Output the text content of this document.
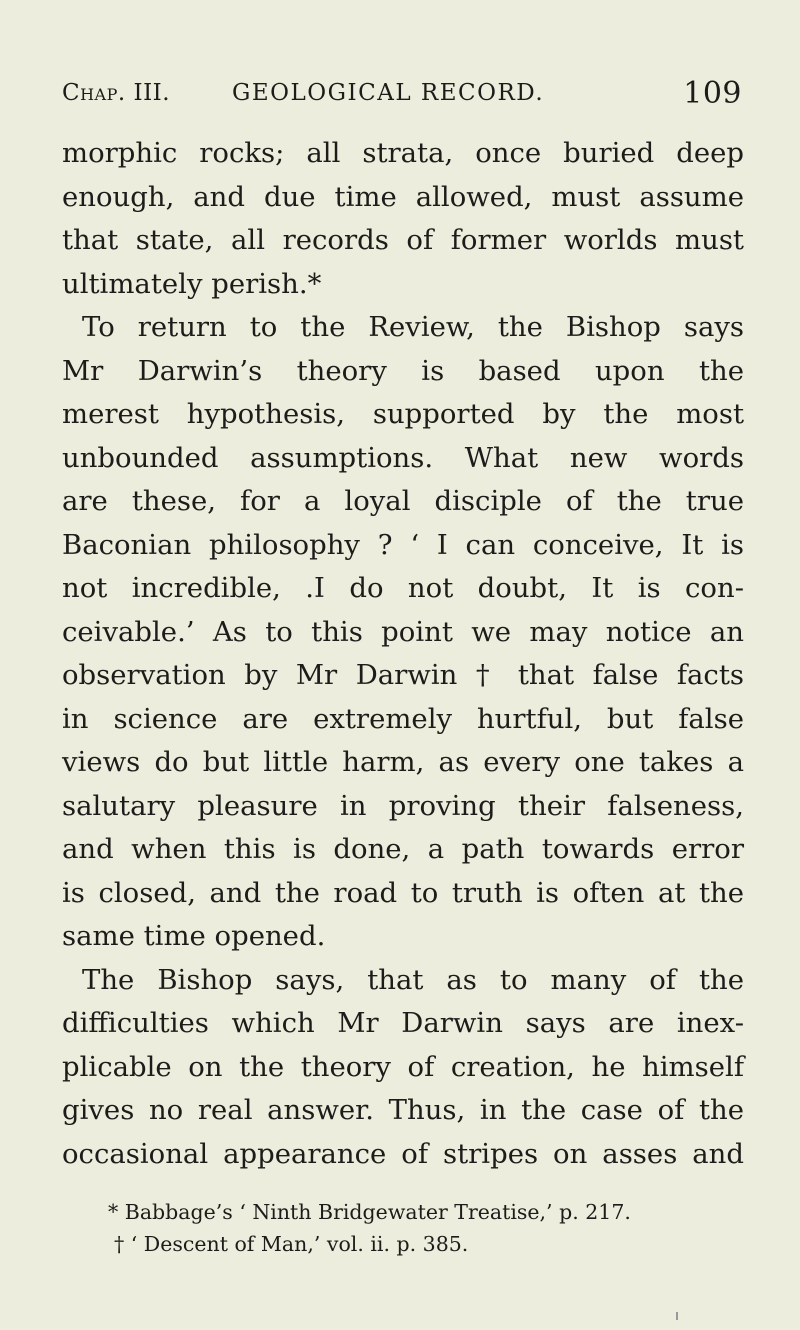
Chap. III.	GEOLOGICAL RECORD.	109
morphic rocks; all strata, once buried deep
enough, and due time allowed, must assume
that state, all records of former worlds must
ultimately perish.*
To return to the Review, the Bishop says
Mr Darwin’s theory is based upon the
merest hypothesis, supported by the most
unbounded assumptions. What new words
are these, for a loyal disciple of the true
Baconian philosophy ? ‘ I can conceive, It is
not incredible, .I do not doubt, It is con-
ceivable.’ As to this point we may notice an
observation by Mr Darwin † that false facts
in science are extremely hurtful, but false
views do but little harm, as every one takes a
salutary pleasure in proving their falseness,
and when this is done, a path towards error
is closed, and the road to truth is often at the
same time opened.
The Bishop says, that as to many of the
difficulties which Mr Darwin says are inex-
plicable on the theory of creation, he himself
gives no real answer. Thus, in the case of the
occasional appearance of stripes on asses and
* Babbage’s ‘ Ninth Bridgewater Treatise,’ p. 217.
† ‘ Descent of Man,’ vol. ii. p. 385.
